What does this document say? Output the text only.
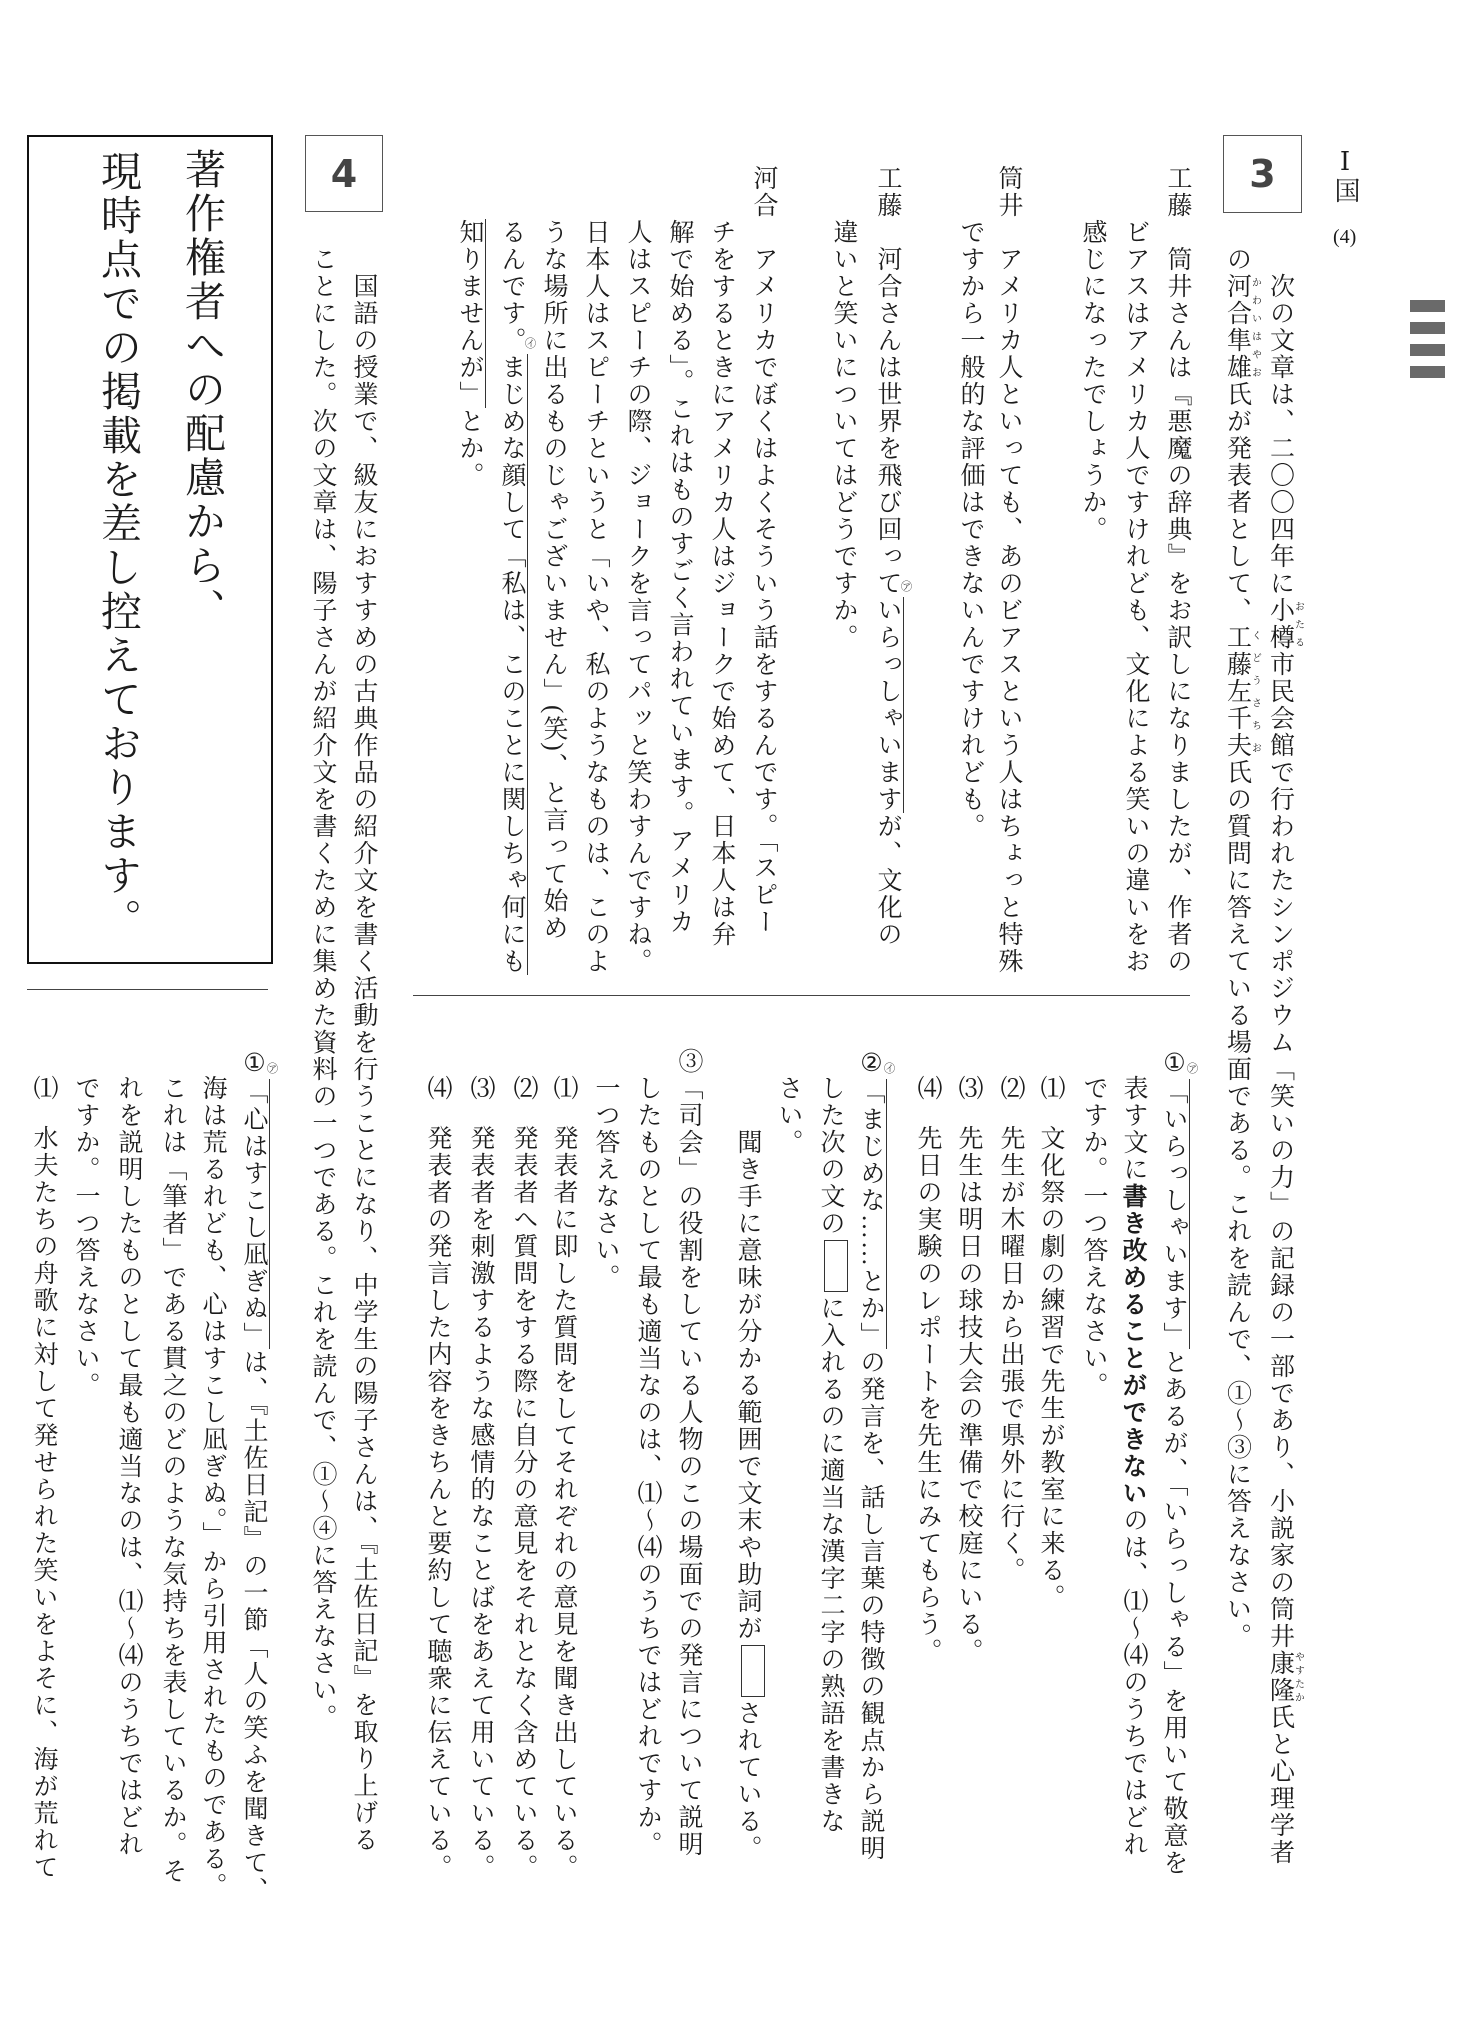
Ⅰ国
(4)
3
次の文章は、二〇〇四年に小樽 おたる市民会館で行われたシンポジウム「笑いの力」の記録の一部であり、小説家の筒井康隆 やすたか氏と心理学者
の河合隼雄 かわいはやお氏が発表者として、工藤左千夫 くどうさちお氏の質問に答えている場面である。これを読んで、①～③に答えなさい。
工藤
筒井さんは『悪魔の辞典』をお訳しになりましたが、作者の
ビアスはアメリカ人ですけれども、文化による笑いの違いをお
感じになったでしょうか。
筒井
アメリカ人といっても、あのビアスという人はちょっと特殊
ですから一般的な評価はできないんですけれども。
工藤
河合さんは世界を飛び回って ㋐
いらっしゃいますが、文化の
違いと笑いについてはどうですか。
河合
アメリカでぼくはよくそういう話をするんです。「スピー
チをするときにアメリカ人はジョークで始めて、日本人は弁
解で始める」。これはものすごく言われています。アメリカ
人はスピーチの際、ジョークを言ってパッと笑わすんですね。
日本人はスピーチというと「いや、私のようなものは、このよ
うな場所に出るものじゃございません」(笑)、と言って始め
るんです。 ㋑
まじめな顔して「私は、このことに関しちゃ何にも
知りませんが」とか。
① ㋐
「いらっしゃいます」とあるが、「いらっしゃる」を用いて敬意を
表す文に書き改めることができないのは、⑴～⑷のうちではどれ
ですか。一つ答えなさい。
⑴
文化祭の劇の練習で先生が教室に来る。
⑵
先生が木曜日から出張で県外に行く。
⑶
先生は明日の球技大会の準備で校庭にいる。
⑷
先日の実験のレポートを先生にみてもらう。
② ㋑
「まじめな……とか」の発言を、話し言葉の特徴の観点から説明
した次の文のに入れるのに適当な漢字二字の熟語を書きな
さい。
聞き手に意味が分かる範囲で文末や助詞がされている。
③「司会」の役割をしている人物のこの場面での発言について説明
したものとして最も適当なのは、⑴～⑷のうちではどれですか。
一つ答えなさい。
⑴
発表者に即した質問をしてそれぞれの意見を聞き出している。
⑵
発表者へ質問をする際に自分の意見をそれとなく含めている。
⑶
発表者を刺激するような感情的なことばをあえて用いている。
⑷
発表者の発言した内容をきちんと要約して聴衆に伝えている。
4
国語の授業で、級友におすすめの古典作品の紹介文を書く活動を行うことになり、中学生の陽子さんは、『土佐日記』を取り上げる
ことにした。次の文章は、陽子さんが紹介文を書くために集めた資料の一つである。これを読んで、①～④に答えなさい。
著作権者への配慮から、
現時点での掲載を差し控えております。
① ㋐
「心はすこし凪ぎぬ」は、『土佐日記』の一節「人の笑ふを聞きて、
海は荒るれども、心はすこし凪ぎぬ。」から引用されたものである。
これは「筆者」である貫之のどのような気持ちを表しているか。そ
れを説明したものとして最も適当なのは、⑴～⑷のうちではどれ
ですか。一つ答えなさい。
⑴
水夫たちの舟歌に対して発せられた笑いをよそに、海が荒れて
